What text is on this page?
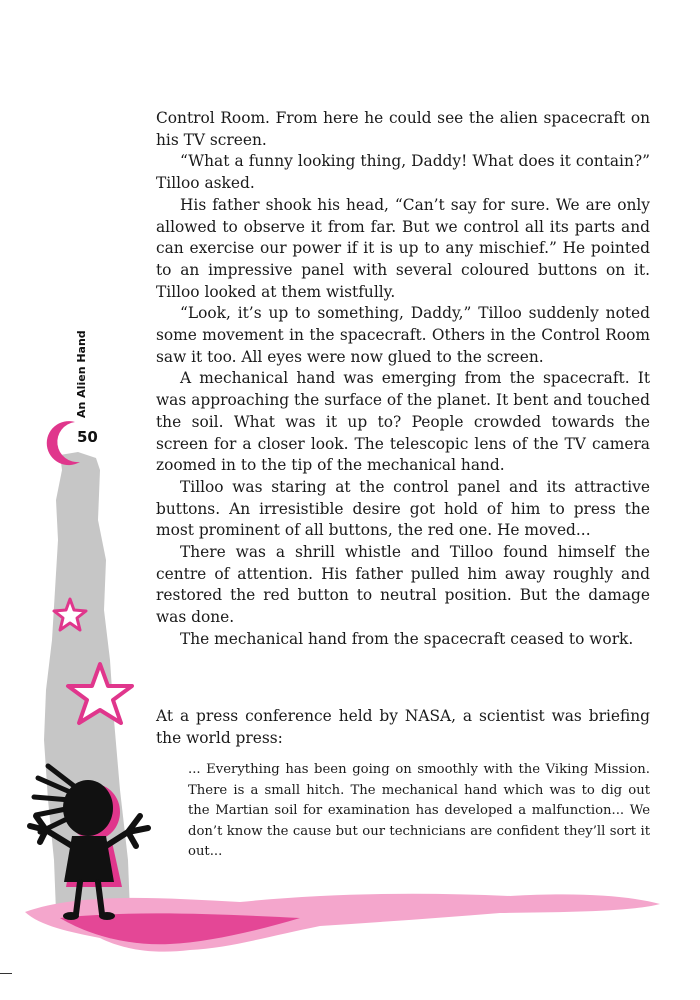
An Alien Hand
50

Control Room. From here he could see the alien spacecraft on his TV screen.

“What a funny looking thing, Daddy! What does it contain?” Tilloo asked.

His father shook his head, “Can’t say for sure. We are only allowed to observe it from far. But we control all its parts and can exercise our power if it is up to any mischief.” He pointed to an impressive panel with several coloured buttons on it. Tilloo looked at them wistfully.

“Look, it’s up to something, Daddy,” Tilloo suddenly noted some movement in the spacecraft. Others in the Control Room saw it too. All eyes were now glued to the screen.

A mechanical hand was emerging from the spacecraft. It was approaching the surface of the planet. It bent and touched the soil. What was it up to? People crowded towards the screen for a closer look. The telescopic lens of the TV camera zoomed in to the tip of the mechanical hand.

Tilloo was staring at the control panel and its attractive buttons. An irresistible desire got hold of him to press the most prominent of all buttons, the red one. He moved...

There was a shrill whistle and Tilloo found himself the centre of attention. His father pulled him away roughly and restored the red button to neutral position. But the damage was done.

The mechanical hand from the spacecraft ceased to work.

At a press conference held by NASA, a scientist was briefing the world press:

... Everything has been going on smoothly with the Viking Mission. There is a small hitch. The mechanical hand which was to dig out the Martian soil for examination has developed a malfunction... We don’t know the cause but our technicians are confident they’ll sort it out...
